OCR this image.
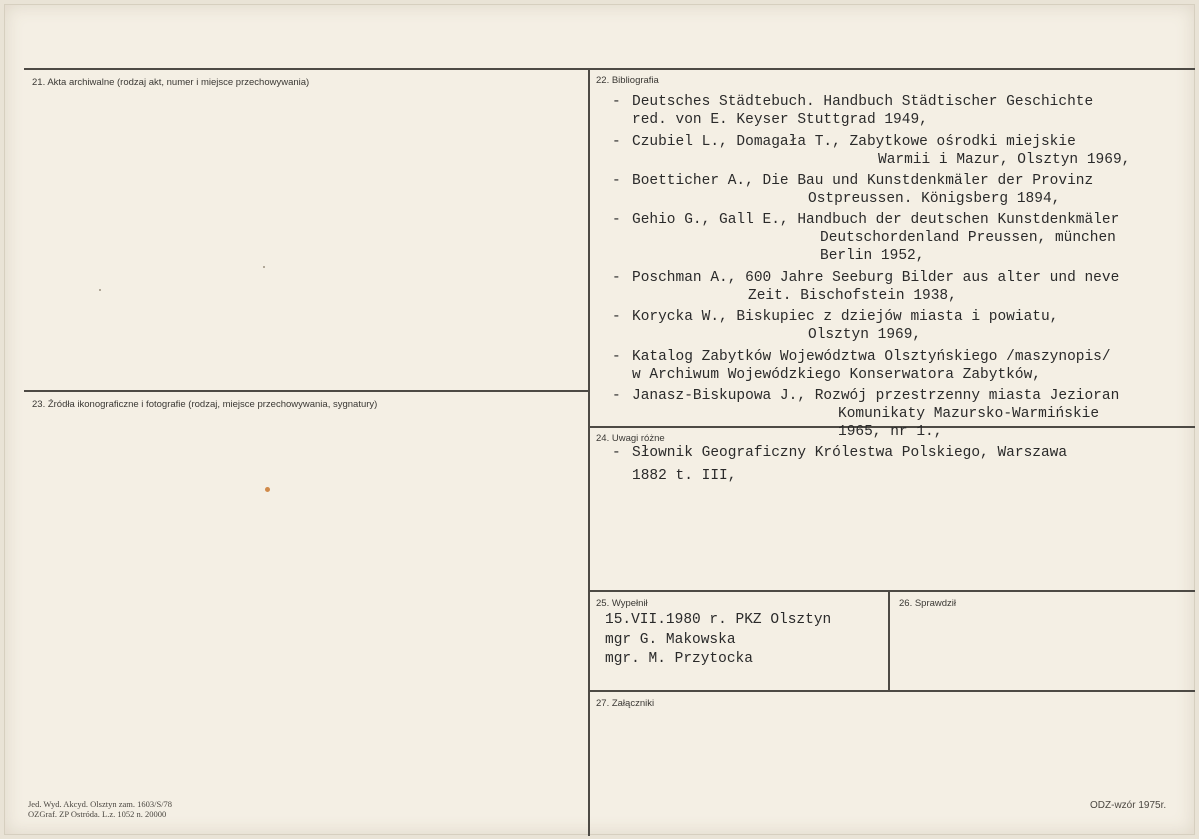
21. Akta archiwalne (rodzaj akt, numer i miejsce przechowywania)	22. Bibliografia
23. Źródła ikonograficzne i fotografie (rodzaj, miejsce przechowywania, sygnatury)
24. Uwagi różne
25. Wypełnił	26. Sprawdził
27. Załączniki
- Deutsches Städtebuch. Handbuch Städtischer Geschichte
red. von E. Keyser Stuttgrad 1949,
- Czubiel L., Domagała T., Zabytkowe ośrodki miejskie
Warmii i Mazur, Olsztyn 1969,
- Boetticher A., Die Bau und Kunstdenkmäler der Provinz
Ostpreussen. Königsberg 1894,
- Gehio G., Gall E., Handbuch der deutschen Kunstdenkmäler
Deutschordenland Preussen, münchen
Berlin 1952,
- Poschman A., 600 Jahre Seeburg Bilder aus alter und neve
Zeit. Bischofstein 1938,
- Korycka W., Biskupiec z dziejów miasta i powiatu,
Olsztyn 1969,
- Katalog Zabytków Województwa Olsztyńskiego /maszynopis/
w Archiwum Wojewódzkiego Konserwatora Zabytków,
- Janasz-Biskupowa J., Rozwój przestrzenny miasta Jezioran
Komunikaty Mazursko-Warmińskie
1965, nr 1.,
- Słownik Geograficzny Królestwa Polskiego, Warszawa
1882 t. III,
15.VII.1980 r. PKZ Olsztyn
mgr G. Makowska
mgr. M. Przytocka
Jed. Wyd. Akcyd. Olsztyn zam. 1603/S/78
OZGraf. ZP Ostróda. L.z. 1052 n. 20000
ODZ-wzór 1975r.
